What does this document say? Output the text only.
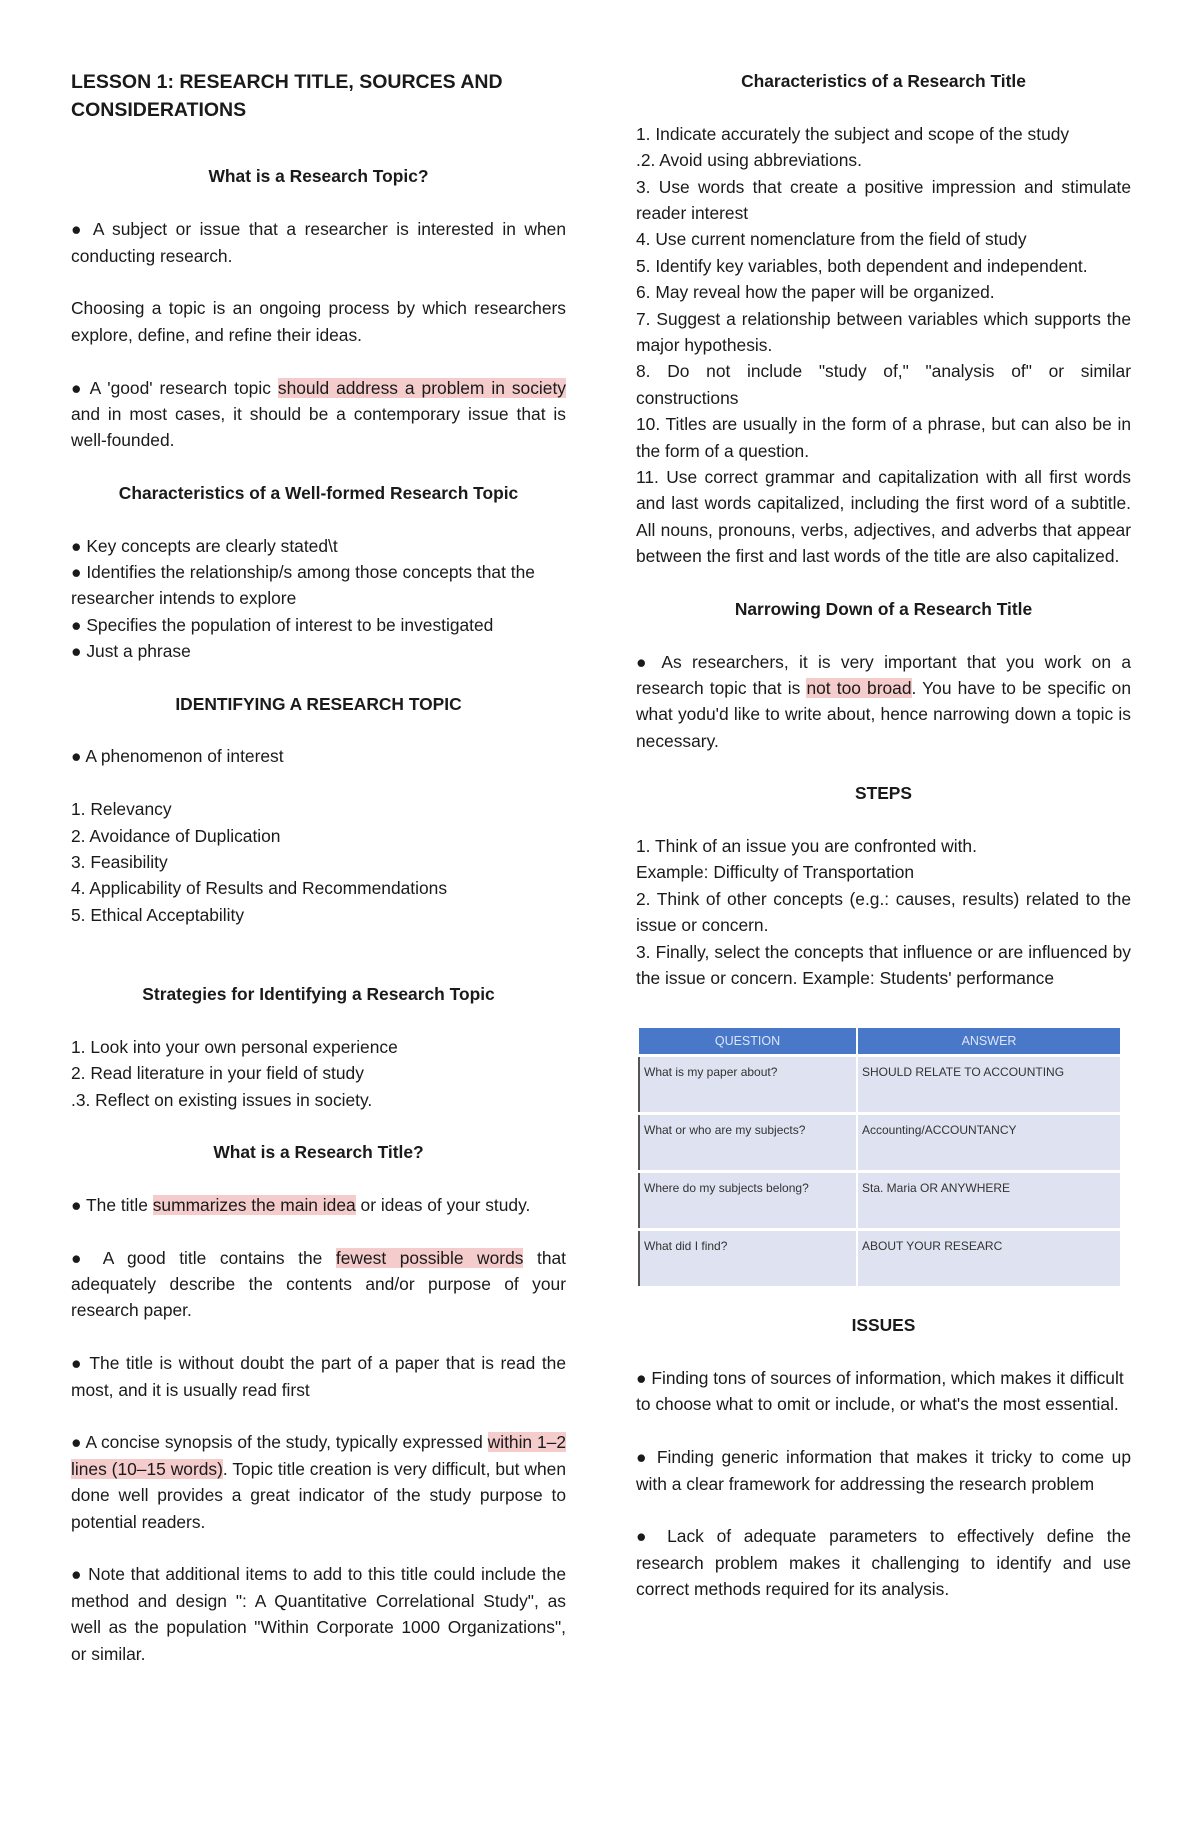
LESSON 1: RESEARCH TITLE, SOURCES AND CONSIDERATIONS

What is a Research Topic?

● A subject or issue that a researcher is interested in when conducting research.

Choosing a topic is an ongoing process by which researchers explore, define, and refine their ideas.

● A 'good' research topic should address a problem in society and in most cases, it should be a contemporary issue that is well-founded.

Characteristics of a Well-formed Research Topic

● Key concepts are clearly stated\t

● Identifies the relationship/s among those concepts that the researcher intends to explore

● Specifies the population of interest to be investigated

● Just a phrase

IDENTIFYING A RESEARCH TOPIC

● A phenomenon of interest

1. Relevancy

2. Avoidance of Duplication

3. Feasibility

4. Applicability of Results and Recommendations

5. Ethical Acceptability

Strategies for Identifying a Research Topic

1. Look into your own personal experience

2. Read literature in your field of study

.3. Reflect on existing issues in society.

What is a Research Title?

● The title summarizes the main idea or ideas of your study.

● A good title contains the fewest possible words that adequately describe the contents and/or purpose of your research paper.

● The title is without doubt the part of a paper that is read the most, and it is usually read first

● A concise synopsis of the study, typically expressed within 1–2 lines (10–15 words). Topic title creation is very difficult, but when done well provides a great indicator of the study purpose to potential readers.

● Note that additional items to add to this title could include the method and design ": A Quantitative Correlational Study", as well as the population "Within Corporate 1000 Organizations", or similar.

Characteristics of a Research Title

1. Indicate accurately the subject and scope of the study

.2. Avoid using abbreviations.

3. Use words that create a positive impression and stimulate reader interest

4. Use current nomenclature from the field of study

5. Identify key variables, both dependent and independent.

6. May reveal how the paper will be organized.

7. Suggest a relationship between variables which supports the major hypothesis.

8. Do not include "study of," "analysis of" or similar constructions

10. Titles are usually in the form of a phrase, but can also be in the form of a question.

11. Use correct grammar and capitalization with all first words and last words capitalized, including the first word of a subtitle. All nouns, pronouns, verbs, adjectives, and adverbs that appear between the first and last words of the title are also capitalized.

Narrowing Down of a Research Title

● As researchers, it is very important that you work on a research topic that is not too broad. You have to be specific on what yodu'd like to write about, hence narrowing down a topic is necessary.

STEPS

1. Think of an issue you are confronted with.

Example: Difficulty of Transportation

2. Think of other concepts (e.g.: causes, results) related to the issue or concern.

3. Finally, select the concepts that influence or are influenced by the issue or concern. Example: Students' performance

QUESTION	ANSWER
What is my paper about?	SHOULD RELATE TO ACCOUNTING
What or who are my subjects?	Accounting/ACCOUNTANCY
Where do my subjects belong?	Sta. Maria OR ANYWHERE
What did I find?	ABOUT YOUR RESEARC

ISSUES

● Finding tons of sources of information, which makes it difficult to choose what to omit or include, or what's the most essential.

● Finding generic information that makes it tricky to come up with a clear framework for addressing the research problem

● Lack of adequate parameters to effectively define the research problem makes it challenging to identify and use correct methods required for its analysis.
